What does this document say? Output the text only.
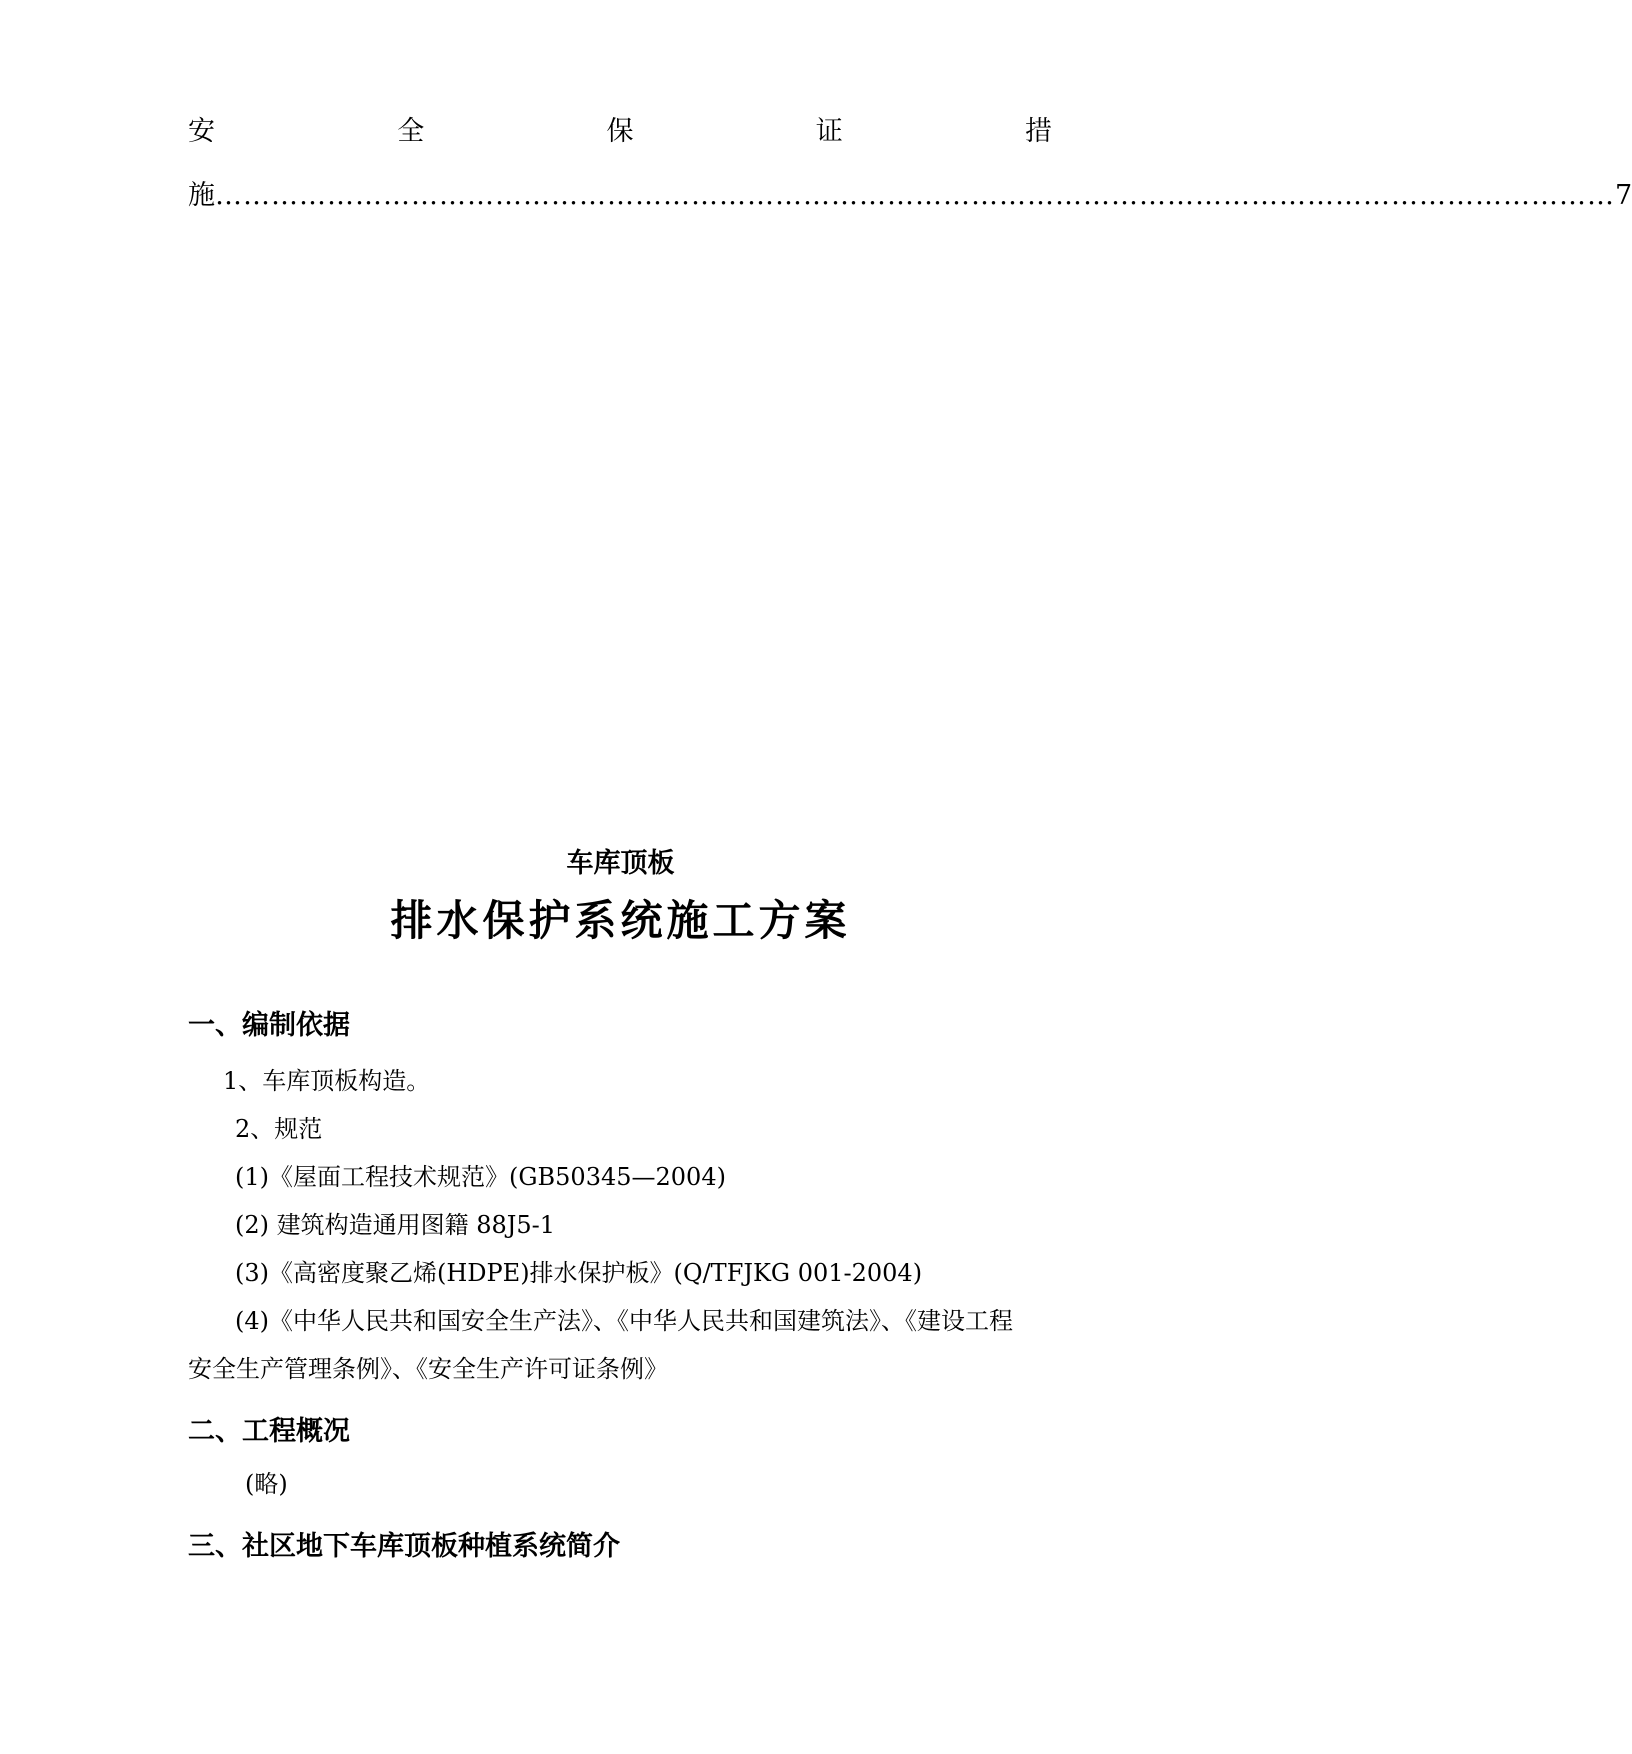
安	全	保	证	措
施 …………………………………………………………………………………………………………………………………… 7
车库顶板
排水保护系统施工方案
一、编制依据
1、车库顶板构造。
2、规范
(1)《屋面工程技术规范》(GB50345—2004)
(2) 建筑构造通用图籍 88J5-1
(3)《高密度聚乙烯(HDPE)排水保护板》(Q/TFJKG 001-2004)
(4)《中华人民共和国安全生产法》、《中华人民共和国建筑法》、《建设工程
安全生产管理条例》、《安全生产许可证条例》
二、工程概况
(略)
三、社区地下车库顶板种植系统简介
